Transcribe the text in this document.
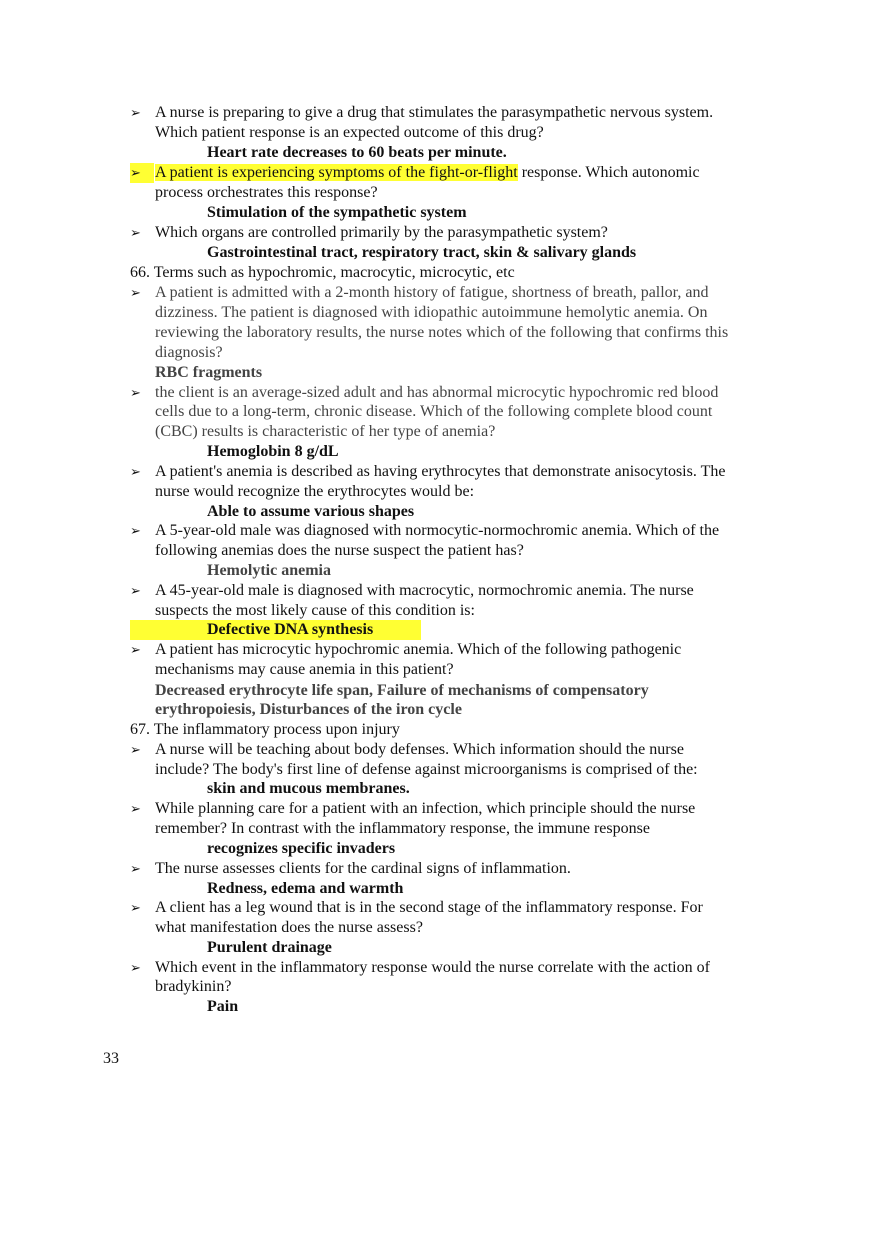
➢ A nurse is preparing to give a drug that stimulates the parasympathetic nervous system.
Which patient response is an expected outcome of this drug?
Heart rate decreases to 60 beats per minute.
➢ A patient is experiencing symptoms of the fight-or-flight response. Which autonomic
process orchestrates this response?
Stimulation of the sympathetic system
➢ Which organs are controlled primarily by the parasympathetic system?
Gastrointestinal tract, respiratory tract, skin & salivary glands
66. Terms such as hypochromic, macrocytic, microcytic, etc
➢ A patient is admitted with a 2-month history of fatigue, shortness of breath, pallor, and
dizziness. The patient is diagnosed with idiopathic autoimmune hemolytic anemia. On
reviewing the laboratory results, the nurse notes which of the following that confirms this
diagnosis?
RBC fragments
➢ the client is an average-sized adult and has abnormal microcytic hypochromic red blood
cells due to a long-term, chronic disease. Which of the following complete blood count
(CBC) results is characteristic of her type of anemia?
Hemoglobin 8 g/dL
➢ A patient's anemia is described as having erythrocytes that demonstrate anisocytosis. The
nurse would recognize the erythrocytes would be:
Able to assume various shapes
➢ A 5-year-old male was diagnosed with normocytic-normochromic anemia. Which of the
following anemias does the nurse suspect the patient has?
Hemolytic anemia
➢ A 45-year-old male is diagnosed with macrocytic, normochromic anemia. The nurse
suspects the most likely cause of this condition is:
Defective DNA synthesis
➢ A patient has microcytic hypochromic anemia. Which of the following pathogenic
mechanisms may cause anemia in this patient?
Decreased erythrocyte life span, Failure of mechanisms of compensatory
erythropoiesis, Disturbances of the iron cycle
67. The inflammatory process upon injury
➢ A nurse will be teaching about body defenses. Which information should the nurse
include? The body's first line of defense against microorganisms is comprised of the:
skin and mucous membranes.
➢ While planning care for a patient with an infection, which principle should the nurse
remember? In contrast with the inflammatory response, the immune response
recognizes specific invaders
➢ The nurse assesses clients for the cardinal signs of inflammation.
Redness, edema and warmth
➢ A client has a leg wound that is in the second stage of the inflammatory response. For
what manifestation does the nurse assess?
Purulent drainage
➢ Which event in the inflammatory response would the nurse correlate with the action of
bradykinin?
Pain
33
